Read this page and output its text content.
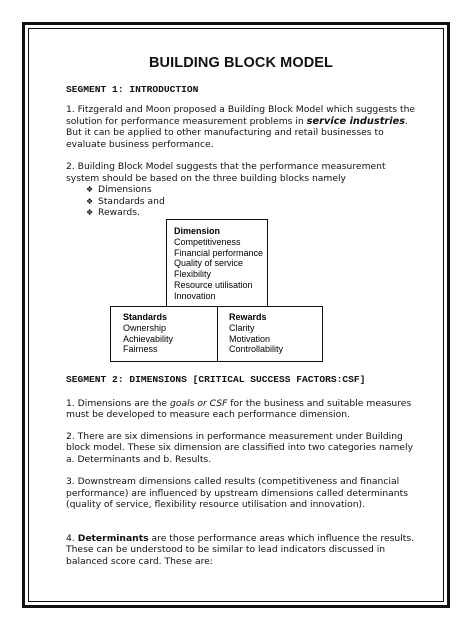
BUILDING BLOCK MODEL
SEGMENT 1: INTRODUCTION

1. Fitzgerald and Moon proposed a Building Block Model which suggests the solution for performance measurement problems in service industries. But it can be applied to other manufacturing and retail businesses to evaluate business performance.

2. Building Block Model suggests that the performance measurement system should be based on the three building blocks namely

❖ Dimensions
❖ Standards and
❖ Rewards.
Dimension
Competitiveness
Financial performance
Quality of service
Flexibility
Resource utilisation
Innovation
Standards
Ownership
Achievability
Fairness
Rewards
Clarity
Motivation
Controllability
SEGMENT 2: DIMENSIONS [CRITICAL SUCCESS FACTORS:CSF]

1. Dimensions are the goals or CSF for the business and suitable measures must be developed to measure each performance dimension.

2. There are six dimensions in performance measurement under Building block model. These six dimension are classified into two categories namely a. Determinants and b. Results.

3. Downstream dimensions called results (competitiveness and financial performance) are influenced by upstream dimensions called determinants (quality of service, flexibility resource utilisation and innovation).

4. Determinants are those performance areas which influence the results. These can be understood to be similar to lead indicators discussed in balanced score card. These are:
